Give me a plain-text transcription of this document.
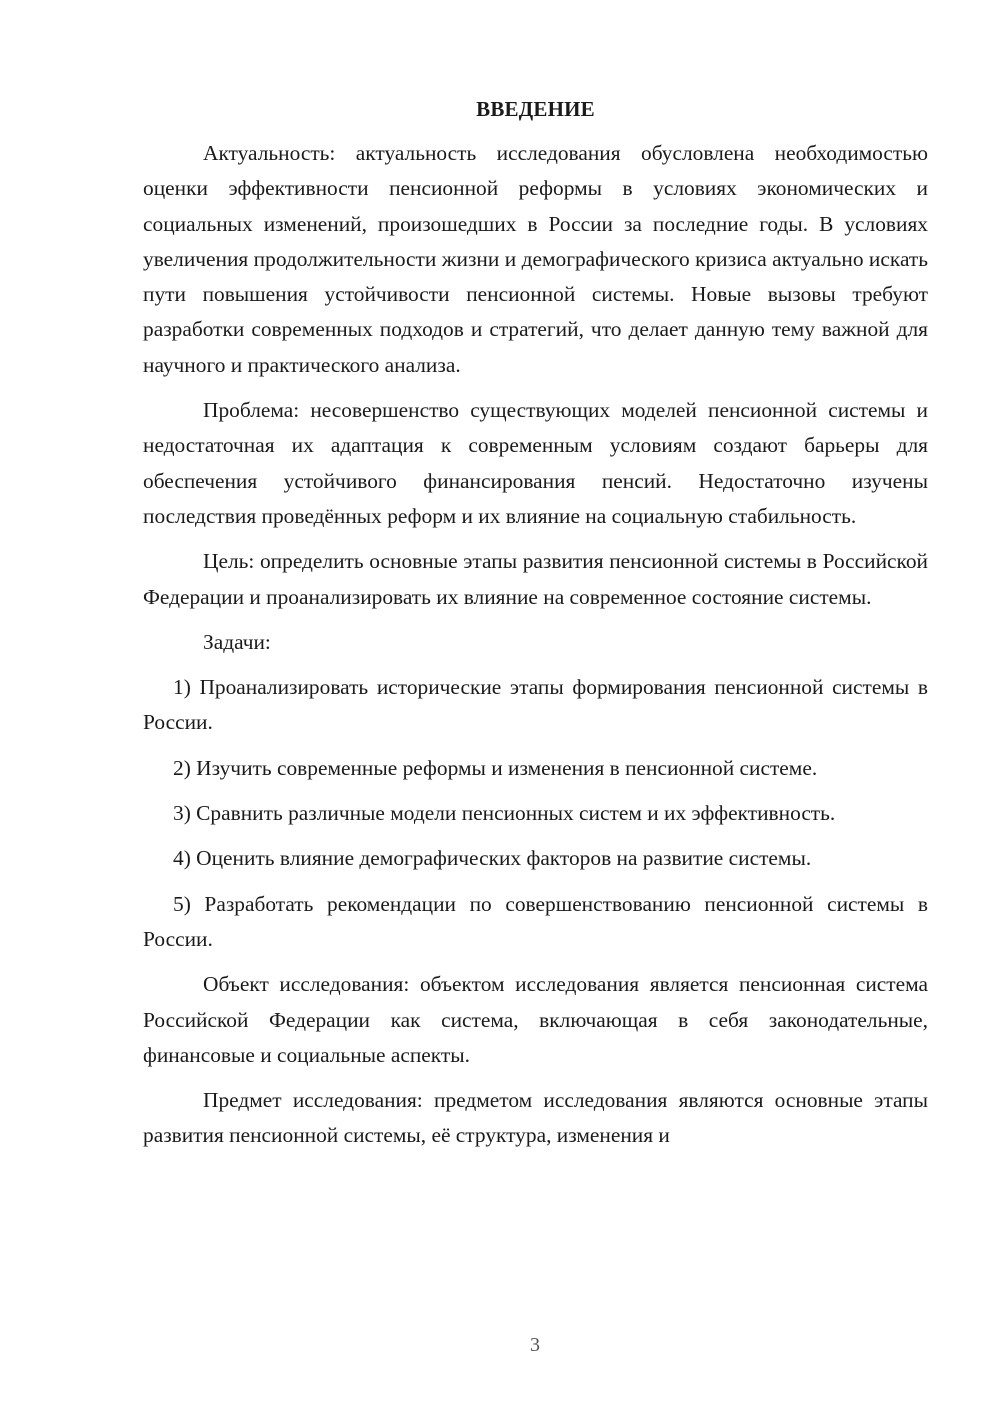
ВВЕДЕНИЕ

Актуальность: актуальность исследования обусловлена необходимостью оценки эффективности пенсионной реформы в условиях экономических и социальных изменений, произошедших в России за последние годы. В условиях увеличения продолжительности жизни и демографического кризиса актуально искать пути повышения устойчивости пенсионной системы. Новые вызовы требуют разработки современных подходов и стратегий, что делает данную тему важной для научного и практического анализа.

Проблема: несовершенство существующих моделей пенсионной системы и недостаточная их адаптация к современным условиям создают барьеры для обеспечения устойчивого финансирования пенсий. Недостаточно изучены последствия проведённых реформ и их влияние на социальную стабильность.

Цель: определить основные этапы развития пенсионной системы в Российской Федерации и проанализировать их влияние на современное состояние системы.

Задачи:

1) Проанализировать исторические этапы формирования пенсионной системы в России.

2) Изучить современные реформы и изменения в пенсионной системе.

3) Сравнить различные модели пенсионных систем и их эффективность.

4) Оценить влияние демографических факторов на развитие системы.

5) Разработать рекомендации по совершенствованию пенсионной системы в России.

Объект исследования: объектом исследования является пенсионная система Российской Федерации как система, включающая в себя законодательные, финансовые и социальные аспекты.

Предмет исследования: предметом исследования являются основные этапы развития пенсионной системы, её структура, изменения и

3
